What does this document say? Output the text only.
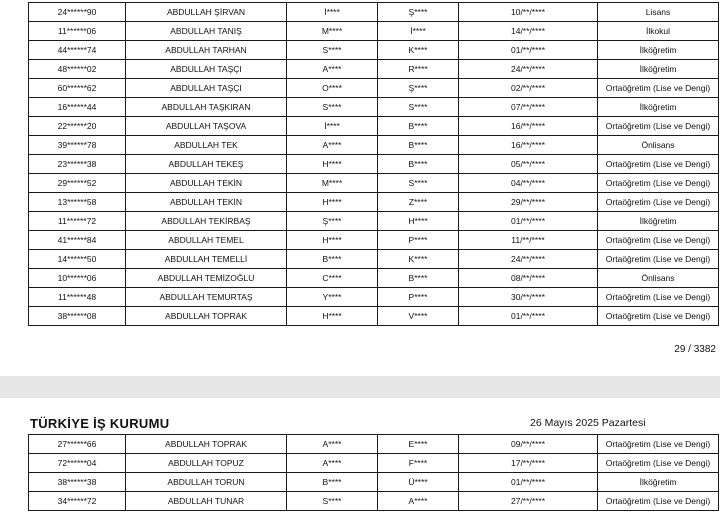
24******90	ABDULLAH ŞİRVAN	İ****	Ş****	10/**/****	Lisans
11******06	ABDULLAH TANIŞ	M****	İ****	14/**/****	İlkokul
44******74	ABDULLAH TARHAN	S****	K****	01/**/****	İlköğretim
48******02	ABDULLAH TAŞÇI	A****	R****	24/**/****	İlköğretim
60******62	ABDULLAH TAŞÇI	O****	Ş****	02/**/****	Ortaöğretim (Lise ve Dengi)
16******44	ABDULLAH TAŞKIRAN	S****	S****	07/**/****	İlköğretim
22******20	ABDULLAH TAŞOVA	İ****	B****	16/**/****	Ortaöğretim (Lise ve Dengi)
39******78	ABDULLAH TEK	A****	B****	16/**/****	Önlisans
23******38	ABDULLAH TEKEŞ	H****	B****	05/**/****	Ortaöğretim (Lise ve Dengi)
29******52	ABDULLAH TEKİN	M****	S****	04/**/****	Ortaöğretim (Lise ve Dengi)
13******58	ABDULLAH TEKİN	H****	Z****	29/**/****	Ortaöğretim (Lise ve Dengi)
11******72	ABDULLAH TEKİRBAŞ	Ş****	H****	01/**/****	İlköğretim
41******84	ABDULLAH TEMEL	H****	P****	11/**/****	Ortaöğretim (Lise ve Dengi)
14******50	ABDULLAH TEMELLİ	B****	K****	24/**/****	Ortaöğretim (Lise ve Dengi)
10******06	ABDULLAH TEMİZOĞLU	C****	B****	08/**/****	Önlisans
11******48	ABDULLAH TEMURTAŞ	Y****	P****	30/**/****	Ortaöğretim (Lise ve Dengi)
38******08	ABDULLAH TOPRAK	H****	V****	01/**/****	Ortaöğretim (Lise ve Dengi)
29 / 3382
TÜRKİYE İŞ KURUMU	26 Mayıs 2025 Pazartesi
27******66	ABDULLAH TOPRAK	A****	E****	09/**/****	Ortaöğretim (Lise ve Dengi)
72******04	ABDULLAH TOPUZ	A****	F****	17/**/****	Ortaöğretim (Lise ve Dengi)
38******38	ABDULLAH TORUN	B****	Ü****	01/**/****	İlköğretim
34******72	ABDULLAH TUNAR	S****	A****	27/**/****	Ortaöğretim (Lise ve Dengi)
